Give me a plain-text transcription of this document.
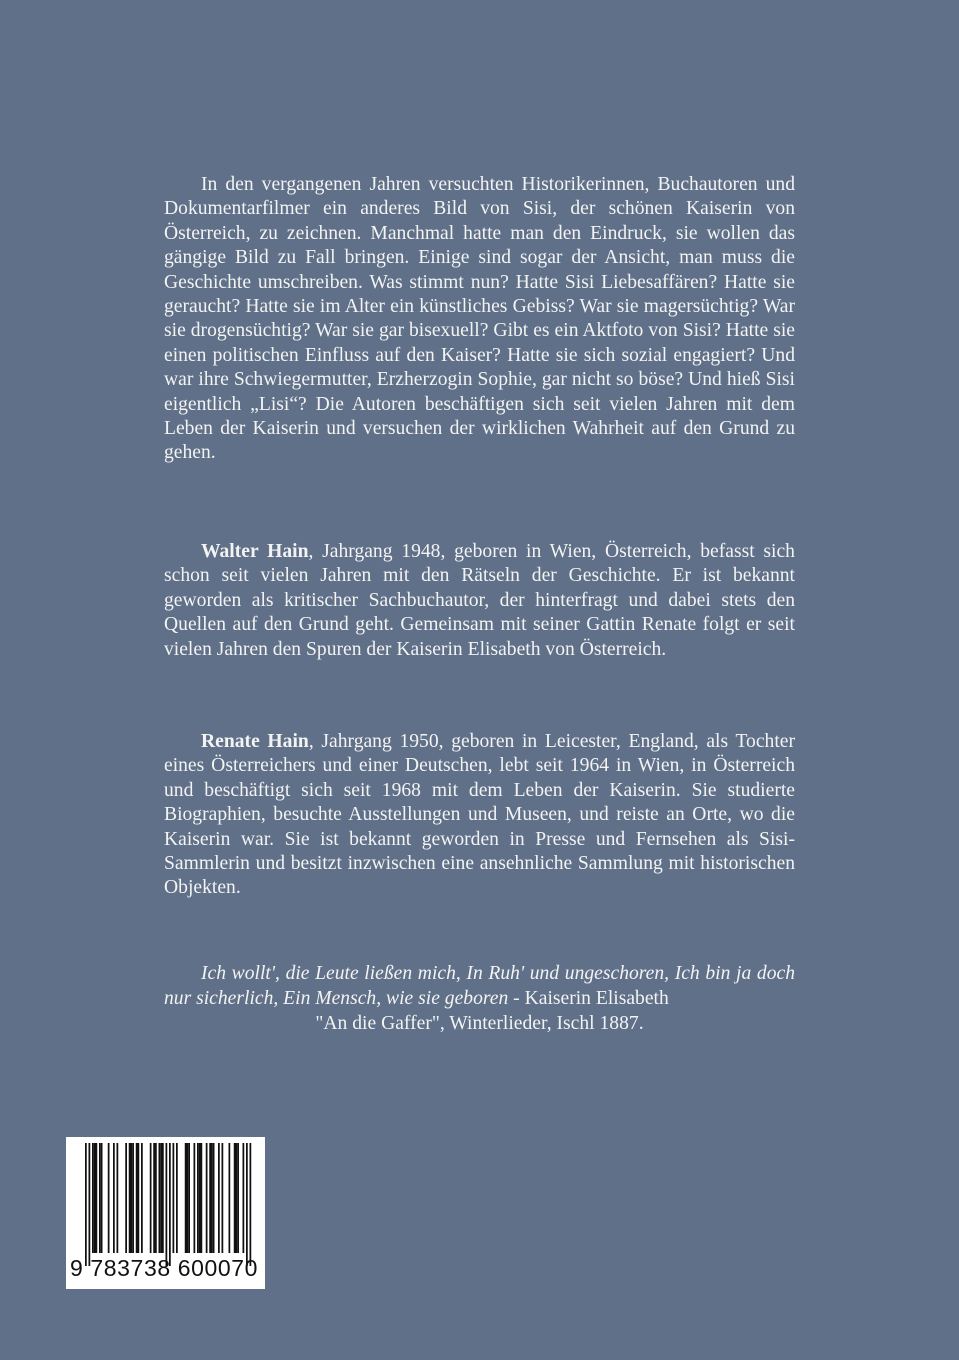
In den vergangenen Jahren versuchten Historikerinnen, Buchautoren und Dokumentarfilmer ein anderes Bild von Sisi, der schönen Kaiserin von Österreich, zu zeichnen. Manchmal hatte man den Eindruck, sie wollen das gängige Bild zu Fall bringen. Einige sind sogar der Ansicht, man muss die Geschichte umschreiben. Was stimmt nun? Hatte Sisi Liebesaffären? Hatte sie geraucht? Hatte sie im Alter ein künstliches Gebiss? War sie magersüchtig? War sie drogensüchtig? War sie gar bisexuell? Gibt es ein Aktfoto von Sisi? Hatte sie einen politischen Einfluss auf den Kaiser? Hatte sie sich sozial engagiert? Und war ihre Schwiegermutter, Erzherzogin Sophie, gar nicht so böse? Und hieß Sisi eigentlich „Lisi“? Die Autoren beschäftigen sich seit vielen Jahren mit dem Leben der Kaiserin und versuchen der wirklichen Wahrheit auf den Grund zu gehen.

Walter Hain, Jahrgang 1948, geboren in Wien, Österreich, befasst sich schon seit vielen Jahren mit den Rätseln der Geschichte. Er ist bekannt geworden als kritischer Sachbuchautor, der hinterfragt und dabei stets den Quellen auf den Grund geht. Gemeinsam mit seiner Gattin Renate folgt er seit vielen Jahren den Spuren der Kaiserin Elisabeth von Österreich.

Renate Hain, Jahrgang 1950, geboren in Leicester, England, als Tochter eines Österreichers und einer Deutschen, lebt seit 1964 in Wien, in Österreich und beschäftigt sich seit 1968 mit dem Leben der Kaiserin. Sie studierte Biographien, besuchte Ausstellungen und Museen, und reiste an Orte, wo die Kaiserin war. Sie ist bekannt geworden in Presse und Fernsehen als Sisi-Sammlerin und besitzt inzwischen eine ansehnliche Sammlung mit historischen Objekten.

Ich wollt', die Leute ließen mich, In Ruh' und ungeschoren, Ich bin ja doch nur sicherlich, Ein Mensch, wie sie geboren - Kaiserin Elisabeth
"An die Gaffer", Winterlieder, Ischl 1887.

9 783738 600070
